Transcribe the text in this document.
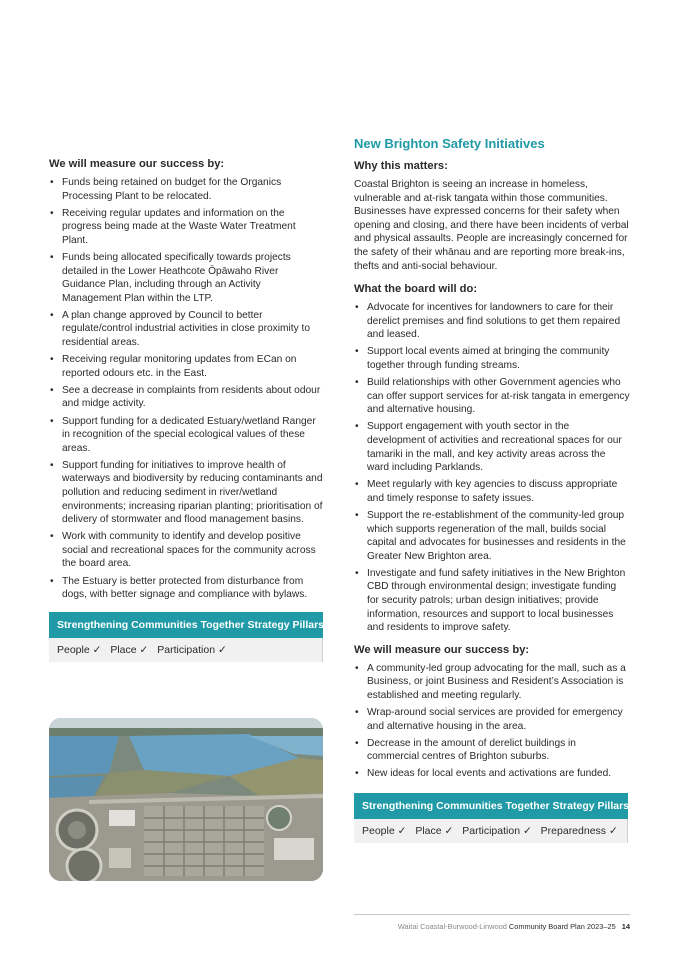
We will measure our success by:

• Funds being retained on budget for the Organics Processing Plant to be relocated.
• Receiving regular updates and information on the progress being made at the Waste Water Treatment Plant.
• Funds being allocated specifically towards projects detailed in the Lower Heathcote Ōpāwaho River Guidance Plan, including through an Activity Management Plan within the LTP.
• A plan change approved by Council to better regulate/control industrial activities in close proximity to residential areas.
• Receiving regular monitoring updates from ECan on reported odours etc. in the East.
• See a decrease in complaints from residents about odour and midge activity.
• Support funding for a dedicated Estuary/wetland Ranger in recognition of the special ecological values of these areas.
• Support funding for initiatives to improve health of waterways and biodiversity by reducing contaminants and pollution and reducing sediment in river/wetland environments; increasing riparian planting; prioritisation of delivery of stormwater and flood management basins.
• Work with community to identify and develop positive social and recreational spaces for the community across the board area.
• The Estuary is better protected from disturbance from dogs, with better signage and compliance with bylaws.
Strengthening Communities Together Strategy Pillars:
People ✓ Place ✓ Participation ✓

New Brighton Safety Initiatives

Why this matters:

Coastal Brighton is seeing an increase in homeless, vulnerable and at-risk tangata within those communities. Businesses have expressed concerns for their safety when opening and closing, and there have been incidents of verbal and physical assaults. People are increasingly concerned for the safety of their whānau and are reporting more break-ins, thefts and anti-social behaviour.

What the board will do:

• Advocate for incentives for landowners to care for their derelict premises and find solutions to get them repaired and leased.
• Support local events aimed at bringing the community together through funding streams.
• Build relationships with other Government agencies who can offer support services for at-risk tangata in emergency and alternative housing.
• Support engagement with youth sector in the development of activities and recreational spaces for our tamariki in the mall, and key activity areas across the ward including Parklands.
• Meet regularly with key agencies to discuss appropriate and timely response to safety issues.
• Support the re-establishment of the community-led group which supports regeneration of the mall, builds social capital and advocates for businesses and residents in the Greater New Brighton area.
• Investigate and fund safety initiatives in the New Brighton CBD through environmental design; investigate funding for security patrols; urban design initiatives; provide information, resources and support to local businesses and residents to improve safety.

We will measure our success by:

• A community-led group advocating for the mall, such as a Business, or joint Business and Resident’s Association is established and meeting regularly.
• Wrap-around social services are provided for emergency and alternative housing in the area.
• Decrease in the amount of derelict buildings in commercial centres of Brighton suburbs.
• New ideas for local events and activations are funded.
Strengthening Communities Together Strategy Pillars:
People ✓ Place ✓ Participation ✓ Preparedness ✓
Waitai Coastal-Burwood-Linwood Community Board Plan 2023–25 14
